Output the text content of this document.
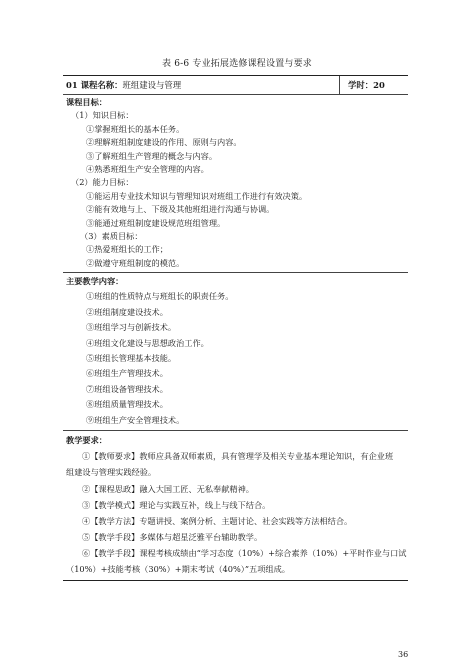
表 6-6 专业拓展选修课程设置与要求
01 课程名称：班组建设与管理	学时：20
课程目标：
（1）知识目标：
①掌握班组长的基本任务。
②理解班组制度建设的作用、原则与内容。
③了解班组生产管理的概念与内容。
④熟悉班组生产安全管理的内容。
（2）能力目标：
①能运用专业技术知识与管理知识对班组工作进行有效决策。
②能有效地与上、下级及其他班组进行沟通与协调。
③能通过班组制度建设规范班组管理。
（3）素质目标：
①热爱班组长的工作；
②做遵守班组制度的模范。
主要教学内容：
①班组的性质特点与班组长的职责任务。
②班组制度建设技术。
③班组学习与创新技术。
④班组文化建设与思想政治工作。
⑤班组长管理基本技能。
⑥班组生产管理技术。
⑦班组设备管理技术。
⑧班组质量管理技术。
⑨班组生产安全管理技术。
教学要求：
①【教师要求】教师应具备双师素质，具有管理学及相关专业基本理论知识，有企业班
组建设与管理实践经验。
②【课程思政】融入大国工匠、无私奉献精神。
③【教学模式】理论与实践互补，线上与线下结合。
④【教学方法】专题讲授、案例分析、主题讨论、社会实践等方法相结合。
⑤【教学手段】多媒体与超星泛雅平台辅助教学。
⑥【教学手段】课程考核成绩由“学习态度（10%）+综合素养（10%）+平时作业与口试
（10%）+技能考核（30%）+期末考试（40%）”五项组成。
36
